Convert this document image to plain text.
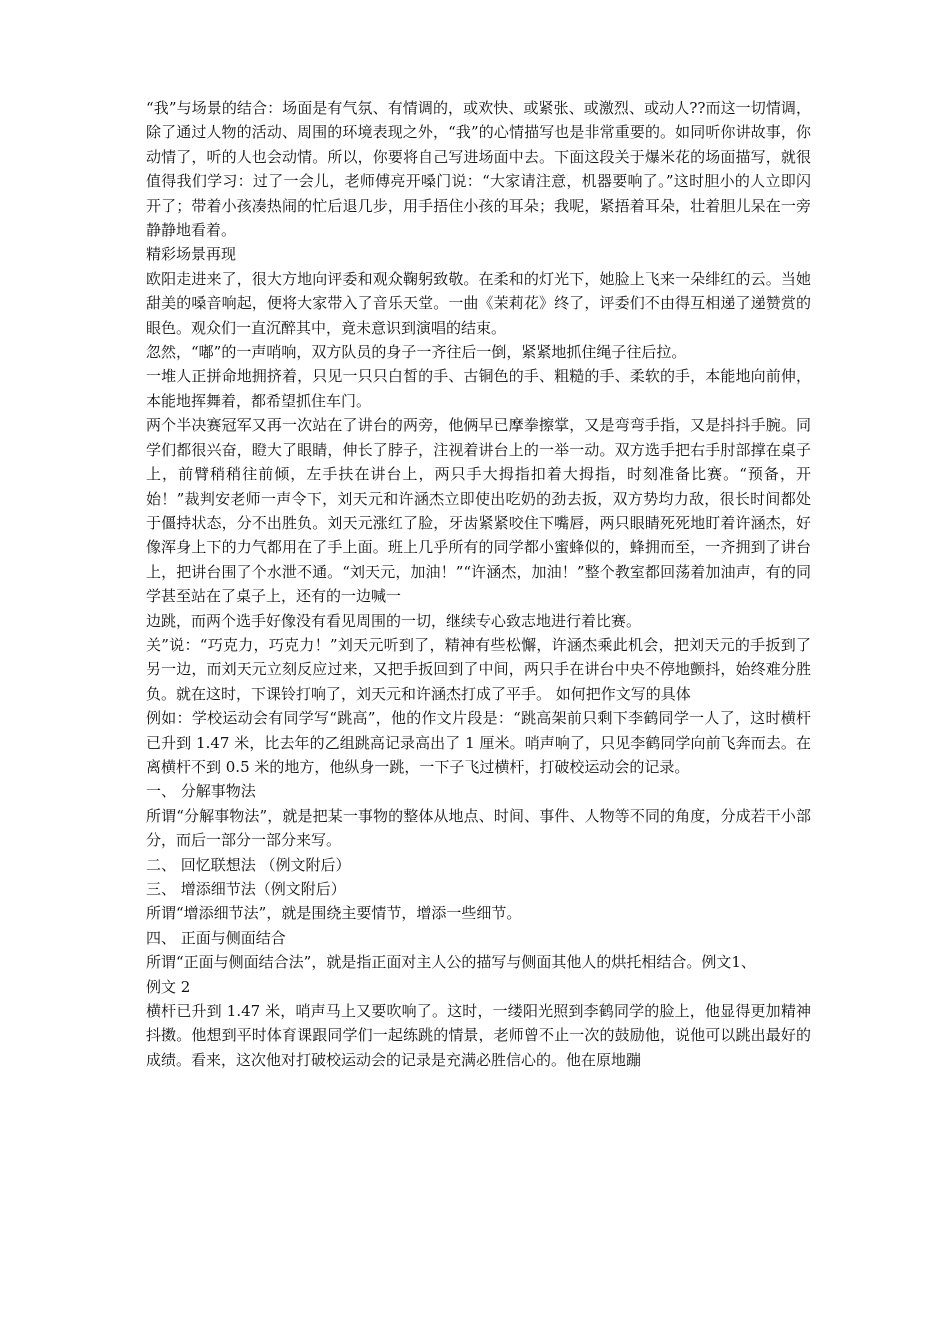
“我”与场景的结合：场面是有气氛、有情调的，或欢快、或紧张、或激烈、或动人??而这一切情调，除了通过人物的活动、周围的环境表现之外，“我”的心情描写也是非常重要的。如同听你讲故事，你动情了，听的人也会动情。所以，你要将自己写进场面中去。下面这段关于爆米花的场面描写，就很值得我们学习：过了一会儿，老师傅亮开嗓门说：“大家请注意，机器要响了。”这时胆小的人立即闪开了；带着小孩凑热闹的忙后退几步，用手捂住小孩的耳朵；我呢，紧捂着耳朵，壮着胆儿呆在一旁静静地看着。

精彩场景再现

欧阳走进来了，很大方地向评委和观众鞠躬致敬。在柔和的灯光下，她脸上飞来一朵绯红的云。当她甜美的嗓音响起，便将大家带入了音乐天堂。一曲《茉莉花》终了，评委们不由得互相递了递赞赏的眼色。观众们一直沉醉其中，竟未意识到演唱的结束。

忽然，“嘟”的一声哨响，双方队员的身子一齐往后一倒，紧紧地抓住绳子往后拉。

一堆人正拼命地拥挤着，只见一只只白皙的手、古铜色的手、粗糙的手、柔软的手，本能地向前伸，本能地挥舞着，都希望抓住车门。

两个半决赛冠军又再一次站在了讲台的两旁，他俩早已摩拳擦掌，又是弯弯手指，又是抖抖手腕。同学们都很兴奋，瞪大了眼睛，伸长了脖子，注视着讲台上的一举一动。双方选手把右手肘部撑在桌子上，前臂稍稍往前倾，左手扶在讲台上，两只手大拇指扣着大拇指，时刻准备比赛。“预备，开始！”裁判安老师一声令下，刘天元和许涵杰立即使出吃奶的劲去扳，双方势均力敌，很长时间都处于僵持状态，分不出胜负。刘天元涨红了脸，牙齿紧紧咬住下嘴唇，两只眼睛死死地盯着许涵杰，好像浑身上下的力气都用在了手上面。班上几乎所有的同学都小蜜蜂似的，蜂拥而至，一齐拥到了讲台上，把讲台围了个水泄不通。“刘天元，加油！”“许涵杰，加油！”整个教室都回荡着加油声，有的同学甚至站在了桌子上，还有的一边喊一

边跳，而两个选手好像没有看见周围的一切，继续专心致志地进行着比赛。

关”说：“巧克力，巧克力！”刘天元听到了，精神有些松懈，许涵杰乘此机会，把刘天元的手扳到了另一边，而刘天元立刻反应过来，又把手扳回到了中间，两只手在讲台中央不停地颤抖，始终难分胜负。就在这时，下课铃打响了，刘天元和许涵杰打成了平手。 如何把作文写的具体

例如：学校运动会有同学写“跳高”，他的作文片段是：“跳高架前只剩下李鹤同学一人了，这时横杆已升到 1.47 米，比去年的乙组跳高记录高出了 1 厘米。哨声响了，只见李鹤同学向前飞奔而去。在离横杆不到 0.5 米的地方，他纵身一跳，一下子飞过横杆，打破校运动会的记录。

一、 分解事物法

所谓“分解事物法”，就是把某一事物的整体从地点、时间、事件、人物等不同的角度，分成若干小部分，而后一部分一部分来写。

二、 回忆联想法 （例文附后）

三、 增添细节法（例文附后）

所谓“增添细节法”，就是围绕主要情节，增添一些细节。

四、 正面与侧面结合

所谓“正面与侧面结合法”，就是指正面对主人公的描写与侧面其他人的烘托相结合。例文1、

例文 2

横杆已升到 1.47 米，哨声马上又要吹响了。这时，一缕阳光照到李鹤同学的脸上，他显得更加精神抖擞。他想到平时体育课跟同学们一起练跳的情景，老师曾不止一次的鼓励他，说他可以跳出最好的成绩。看来，这次他对打破校运动会的记录是充满必胜信心的。他在原地蹦
